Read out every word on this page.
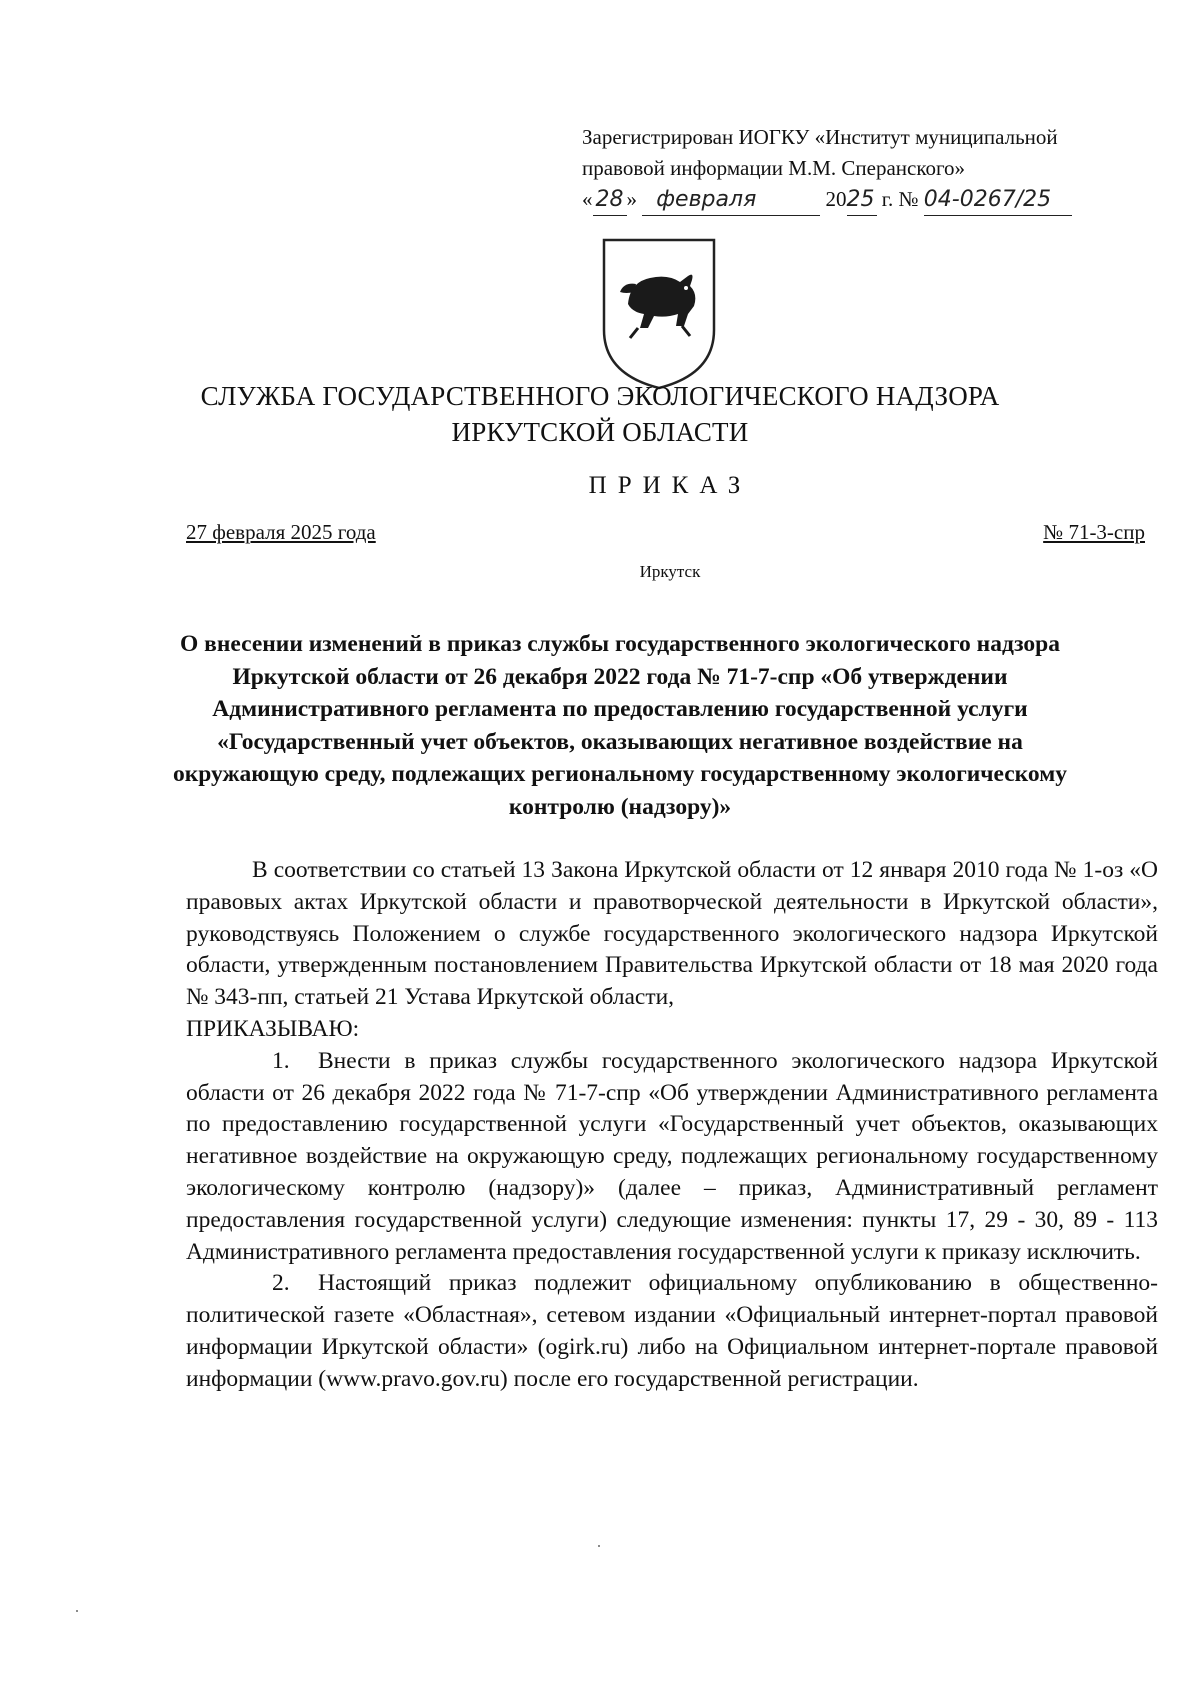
Зарегистрирован ИОГКУ «Институт муниципальной
правовой информации М.М. Сперанского»
« 28 » февраля	2025 г. № 04-0267/25
СЛУЖБА ГОСУДАРСТВЕННОГО ЭКОЛОГИЧЕСКОГО НАДЗОРА
ИРКУТСКОЙ ОБЛАСТИ
ПРИКАЗ
27 февраля 2025 года	№ 71-3-спр
Иркутск
О внесении изменений в приказ службы государственного экологического надзора Иркутской области от 26 декабря 2022 года № 71-7-спр «Об утверждении Административного регламента по предоставлению государственной услуги «Государственный учет объектов, оказывающих негативное воздействие на окружающую среду, подлежащих региональному государственному экологическому контролю (надзору)»

В соответствии со статьей 13 Закона Иркутской области от 12 января 2010 года № 1-оз «О правовых актах Иркутской области и правотворческой деятельности в Иркутской области», руководствуясь Положением о службе государственного экологического надзора Иркутской области, утвержденным постановлением Правительства Иркутской области от 18 мая 2020 года № 343-пп, статьей 21 Устава Иркутской области,

ПРИКАЗЫВАЮ:

1. Внести в приказ службы государственного экологического надзора Иркутской области от 26 декабря 2022 года № 71-7-спр «Об утверждении Административного регламента по предоставлению государственной услуги «Государственный учет объектов, оказывающих негативное воздействие на окружающую среду, подлежащих региональному государственному экологическому контролю (надзору)» (далее – приказ, Административный регламент предоставления государственной услуги) следующие изменения: пункты 17, 29 - 30, 89 - 113 Административного регламента предоставления государственной услуги к приказу исключить.

2. Настоящий приказ подлежит официальному опубликованию в общественно-политической газете «Областная», сетевом издании «Официальный интернет-портал правовой информации Иркутской области» (ogirk.ru) либо на Официальном интернет-портале правовой информации (www.pravo.gov.ru) после его государственной регистрации.
